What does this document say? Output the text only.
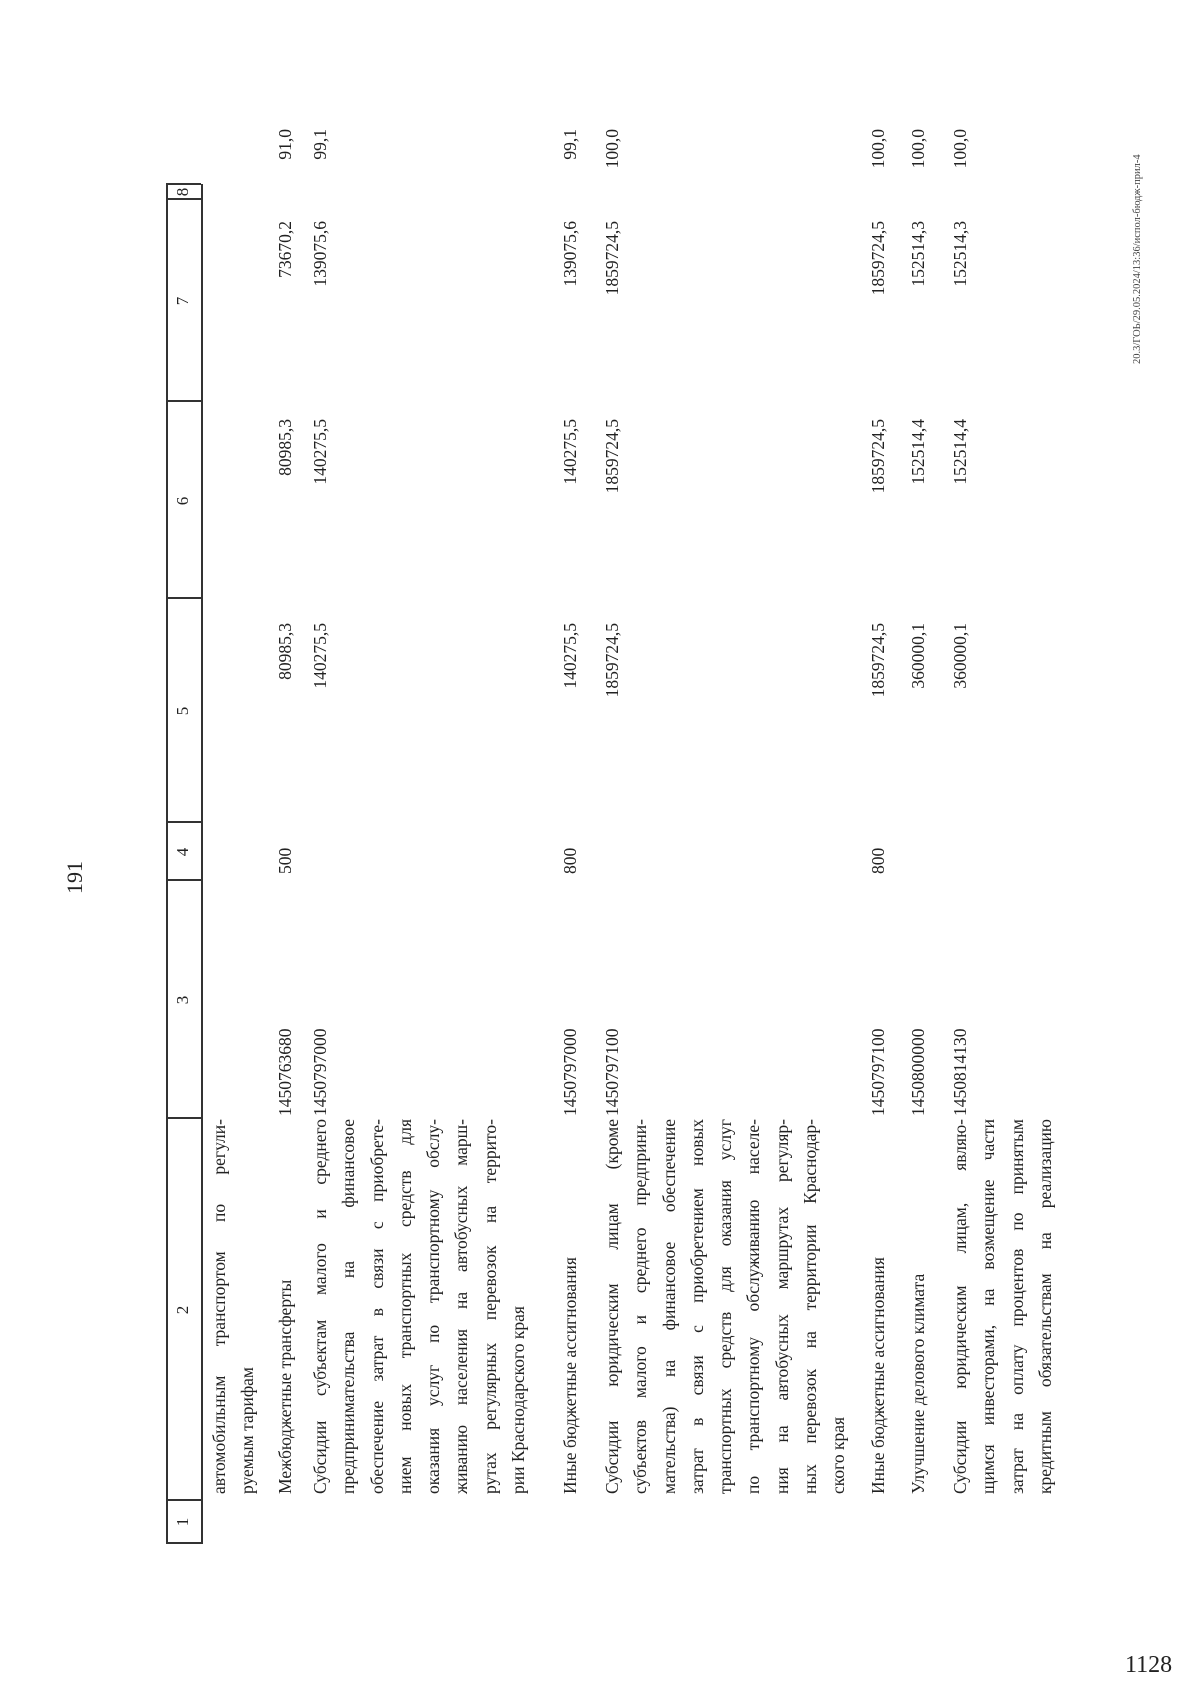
191
1
2
3
4
5
6
7
8
автомобильным транспортом по регули- руемым тарифам Межбюджетные трансферты
1450763680
500
80985,3
80985,3
73670,2
91,0
Субсидии субъектам малого и среднего предпринимательства на финансовое обеспечение затрат в связи с приобрете- нием новых транспортных средств для оказания услуг по транспортному обслу- живанию населения на автобусных марш- рутах регулярных перевозок на террито- рии Краснодарского края
1450797000
140275,5
140275,5
139075,6
99,1
Иные бюджетные ассигнования
1450797000
800
140275,5
140275,5
139075,6
99,1
Субсидии юридическим лицам (кроме субъектов малого и среднего предприни- мательства) на финансовое обеспечение затрат в связи с приобретением новых транспортных средств для оказания услуг по транспортному обслуживанию населе- ния на автобусных маршрутах регуляр- ных перевозок на территории Краснодар- ского края
1450797100
1859724,5
1859724,5
1859724,5
100,0
Иные бюджетные ассигнования
1450797100
800
1859724,5
1859724,5
1859724,5
100,0
Улучшение делового климата
1450800000
360000,1
152514,4
152514,3
100,0
Субсидии юридическим лицам, являю- щимся инвесторами, на возмещение части затрат на оплату процентов по принятым кредитным обязательствам на реализацию
1450814130
360000,1
152514,4
152514,3
100,0
20.3/ГОЬ/29.05.2024/13:36/испол-бюдж-прил-4
1128
